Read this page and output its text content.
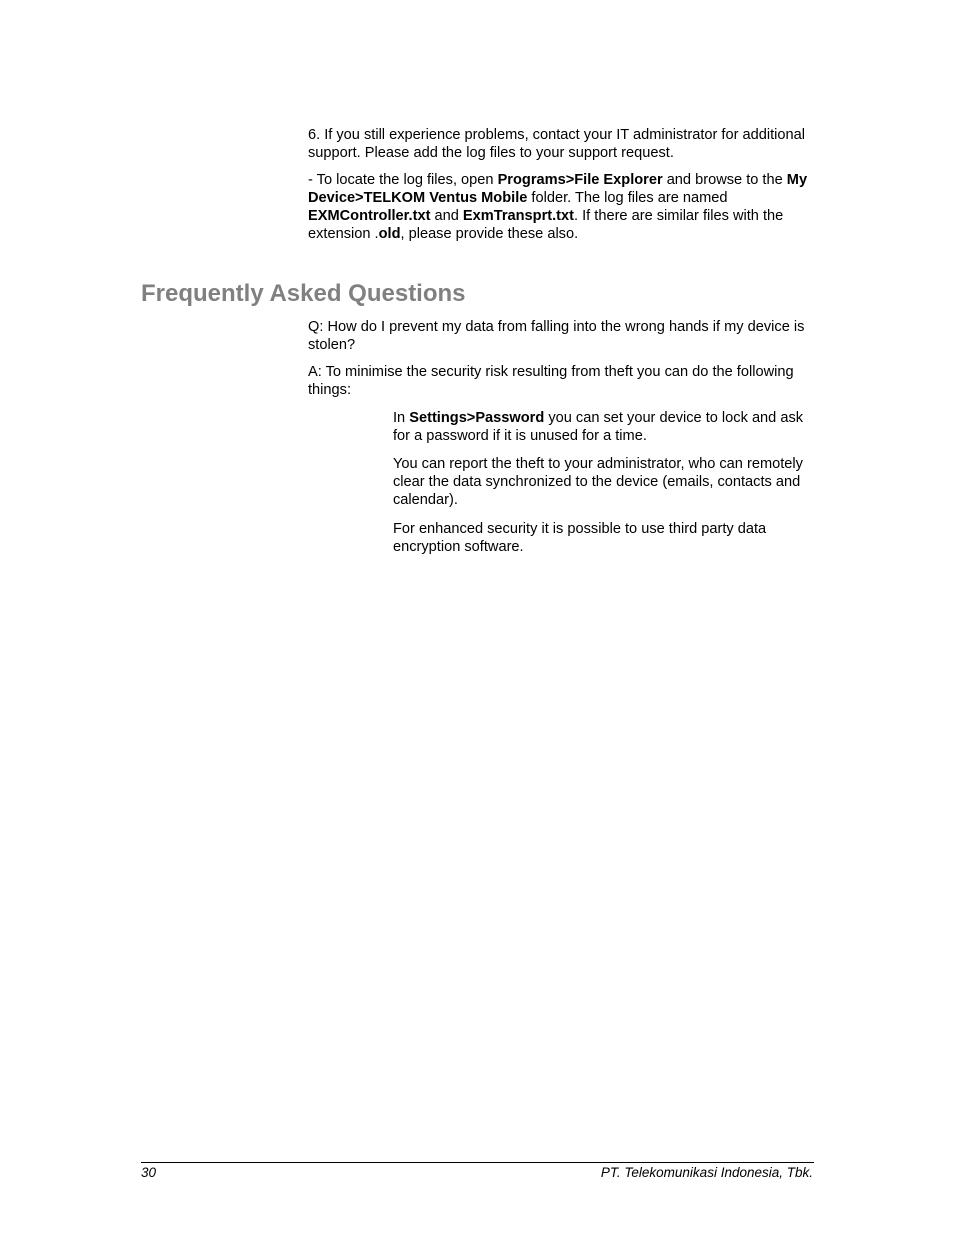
6. If you still experience problems, contact your IT administrator for additional support. Please add the log files to your support request.

- To locate the log files, open Programs>File Explorer and browse to the My Device>TELKOM Ventus Mobile folder. The log files are named EXMController.txt and ExmTransprt.txt. If there are similar files with the extension .old, please provide these also.

Frequently Asked Questions

Q: How do I prevent my data from falling into the wrong hands if my device is stolen?

A: To minimise the security risk resulting from theft you can do the following things:

In Settings>Password you can set your device to lock and ask for a password if it is unused for a time.

You can report the theft to your administrator, who can remotely clear the data synchronized to the device (emails, contacts and calendar).

For enhanced security it is possible to use third party data encryption software.

30	PT. Telekomunikasi Indonesia, Tbk.
